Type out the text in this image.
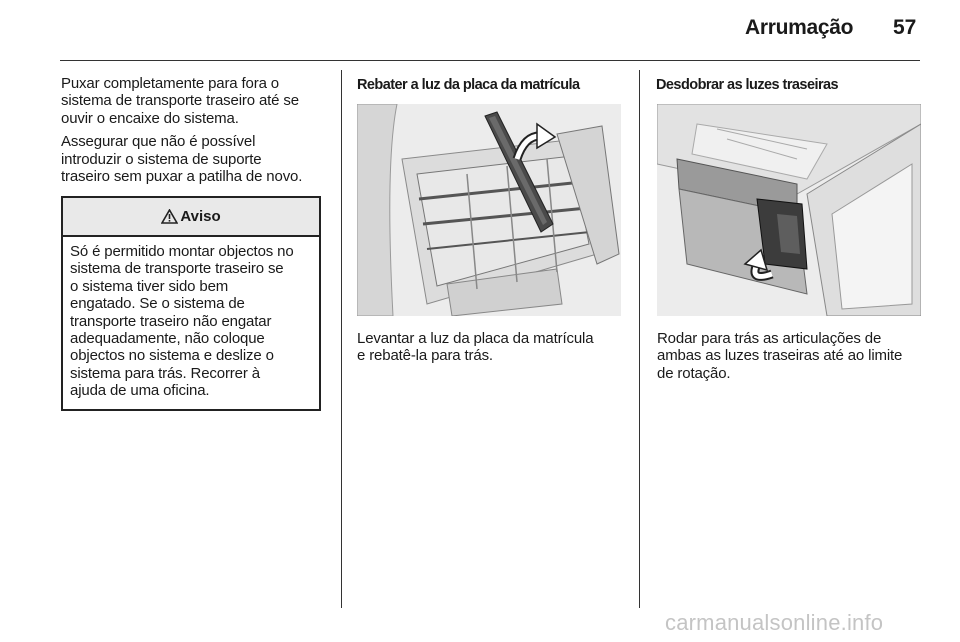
Arrumação 57

Puxar completamente para fora o
sistema de transporte traseiro até se
ouvir o encaixe do sistema.

Assegurar que não é possível
introduzir o sistema de suporte
traseiro sem puxar a patilha de novo.

Aviso
Só é permitido montar objectos no
sistema de transporte traseiro se
o sistema tiver sido bem
engatado. Se o sistema de
transporte traseiro não engatar
adequadamente, não coloque
objectos no sistema e deslize o
sistema para trás. Recorrer à
ajuda de uma oficina.
Rebater a luz da placa da matrícula
Levantar a luz da placa da matrícula
e rebatê-la para trás.
Desdobrar as luzes traseiras
Rodar para trás as articulações de
ambas as luzes traseiras até ao limite
de rotação.
carmanualsonline.info
